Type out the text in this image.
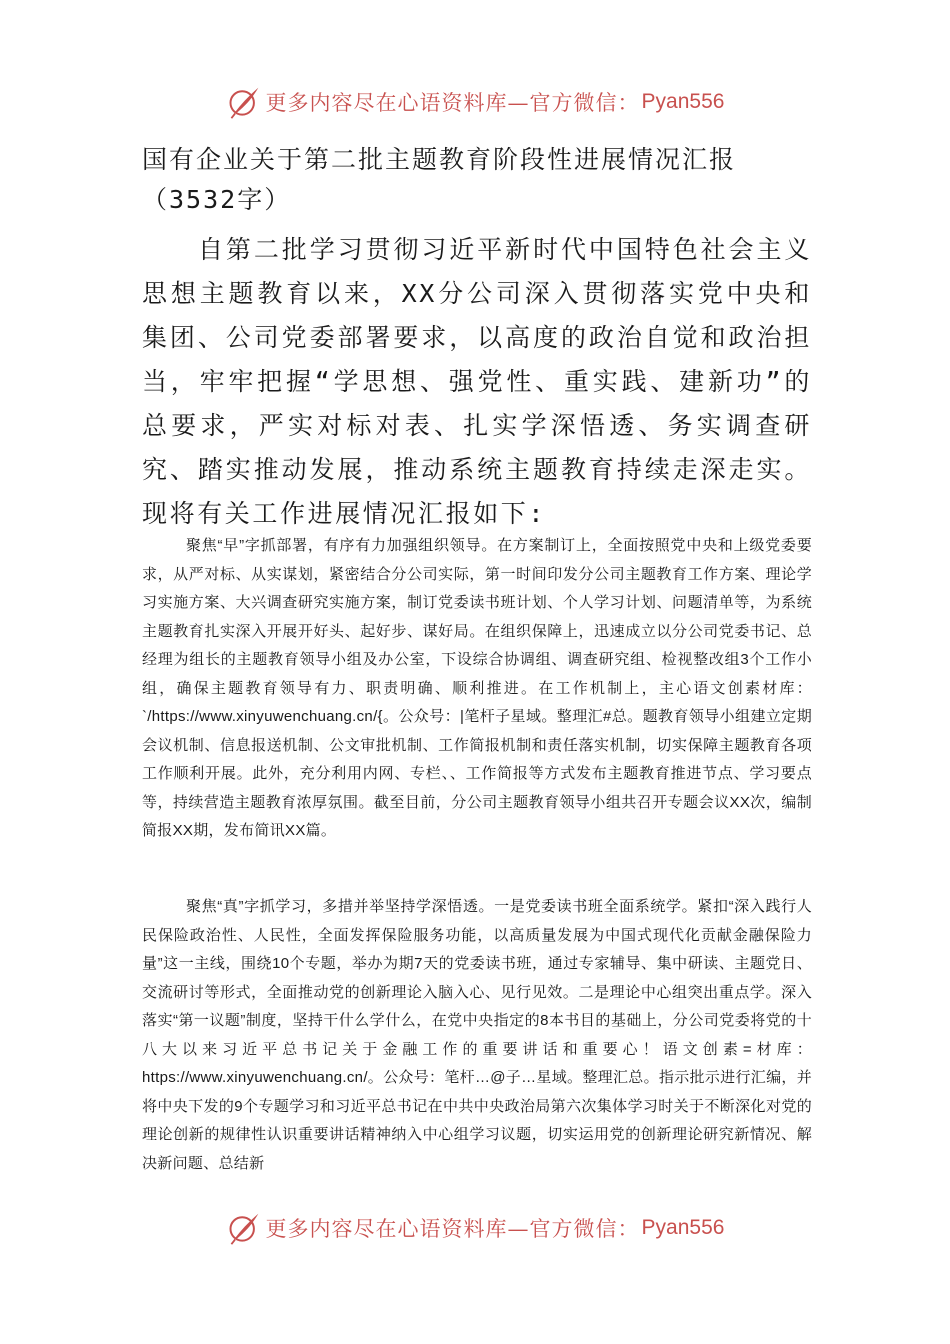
更多内容尽在心语资料库—官方微信： Pyan556
国有企业关于第二批主题教育阶段性进展情况汇报（3532字）

自第二批学习贯彻习近平新时代中国特色社会主义思想主题教育以来，XX分公司深入贯彻落实党中央和集团、公司党委部署要求，以高度的政治自觉和政治担当，牢牢把握“学思想、强党性、重实践、建新功”的总要求，严实对标对表、扎实学深悟透、务实调查研究、踏实推动发展，推动系统主题教育持续走深走实。现将有关工作进展情况汇报如下:

聚焦“早”字抓部署，有序有力加强组织领导。在方案制订上，全面按照党中央和上级党委要求，从严对标、从实谋划，紧密结合分公司实际，第一时间印发分公司主题教育工作方案、理论学习实施方案、大兴调查研究实施方案，制订党委读书班计划、个人学习计划、问题清单等，为系统主题教育扎实深入开展开好头、起好步、谋好局。在组织保障上，迅速成立以分公司党委书记、总经理为组长的主题教育领导小组及办公室，下设综合协调组、调查研究组、检视整改组3个工作小组，确保主题教育领导有力、职责明确、顺利推进。在工作机制上，主心语文创素材库：`/https://www.xinyuwenchuang.cn/{。公众号：|笔杆子星域。整理汇#总。题教育领导小组建立定期会议机制、信息报送机制、公文审批机制、工作简报机制和责任落实机制，切实保障主题教育各项工作顺利开展。此外，充分利用内网、专栏、、工作简报等方式发布主题教育推进节点、学习要点等，持续营造主题教育浓厚氛围。截至目前，分公司主题教育领导小组共召开专题会议XX次，编制简报XX期，发布简讯XX篇。

聚焦“真”字抓学习，多措并举坚持学深悟透。一是党委读书班全面系统学。紧扣“深入践行人民保险政治性、人民性，全面发挥保险服务功能，以高质量发展为中国式现代化贡献金融保险力量”这一主线，围绕10个专题，举办为期7天的党委读书班，通过专家辅导、集中研读、主题党日、交流研讨等形式，全面推动党的创新理论入脑入心、见行见效。二是理论中心组突出重点学。深入落实“第一议题”制度，坚持干什么学什么，在党中央指定的8本书目的基础上，分公司党委将党的十八大以来习近平总书记关于金融工作的重要讲话和重要心！语文创素=材库：https://www.xinyuwenchuang.cn/。公众号：笔杆…@子…星域。整理汇总。指示批示进行汇编，并将中央下发的9个专题学习和习近平总书记在中共中央政治局第六次集体学习时关于不断深化对党的理论创新的规律性认识重要讲话精神纳入中心组学习议题，切实运用党的创新理论研究新情况、解决新问题、总结新

更多内容尽在心语资料库—官方微信： Pyan556
